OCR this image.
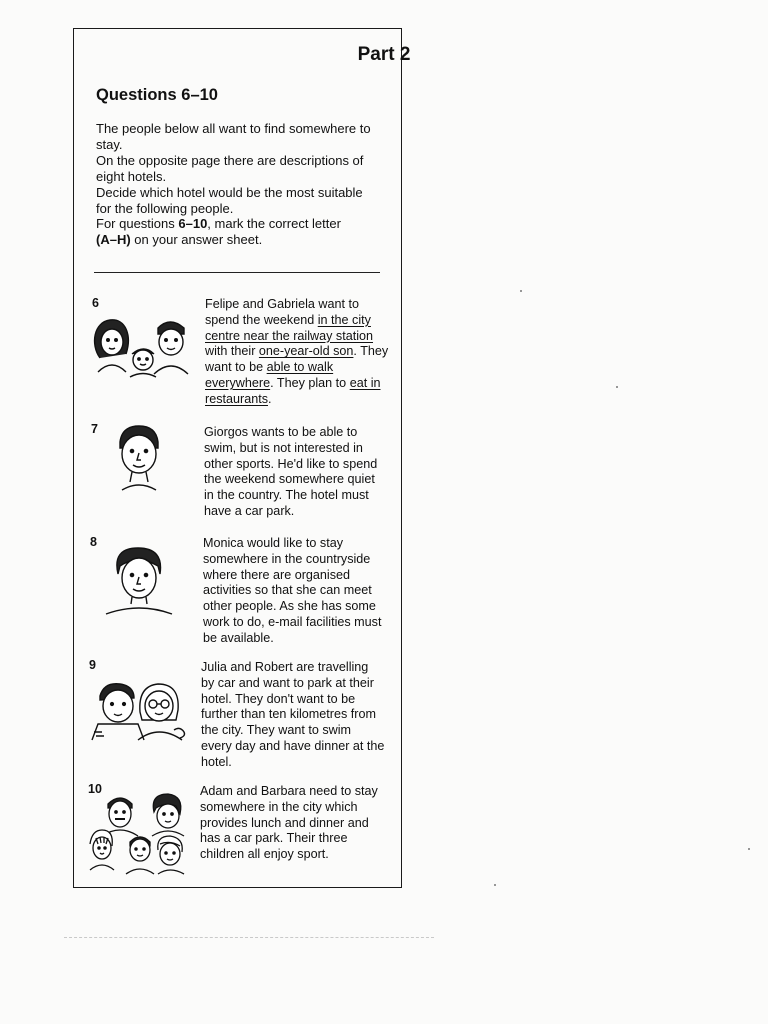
Part 2
Questions 6–10

The people below all want to find somewhere to stay.

On the opposite page there are descriptions of eight hotels.

Decide which hotel would be the most suitable for the following people.

For questions 6–10, mark the correct letter

(A–H) on your answer sheet.

6	Felipe and Gabriela want to spend the weekend in the city centre near the railway station with their one-year-old son. They want to be able to walk everywhere. They plan to eat in restaurants.

7	Giorgos wants to be able to swim, but is not interested in other sports. He'd like to spend the weekend somewhere quiet in the country. The hotel must have a car park.
8	Monica would like to stay somewhere in the countryside where there are organised activities so that she can meet other people. As she has some work to do, e-mail facilities must be available.
9	Julia and Robert are travelling by car and want to park at their hotel. They don't want to be further than ten kilometres from the city. They want to swim every day and have dinner at the hotel.
10	Adam and Barbara need to stay somewhere in the city which provides lunch and dinner and has a car park. Their three children all enjoy sport.
